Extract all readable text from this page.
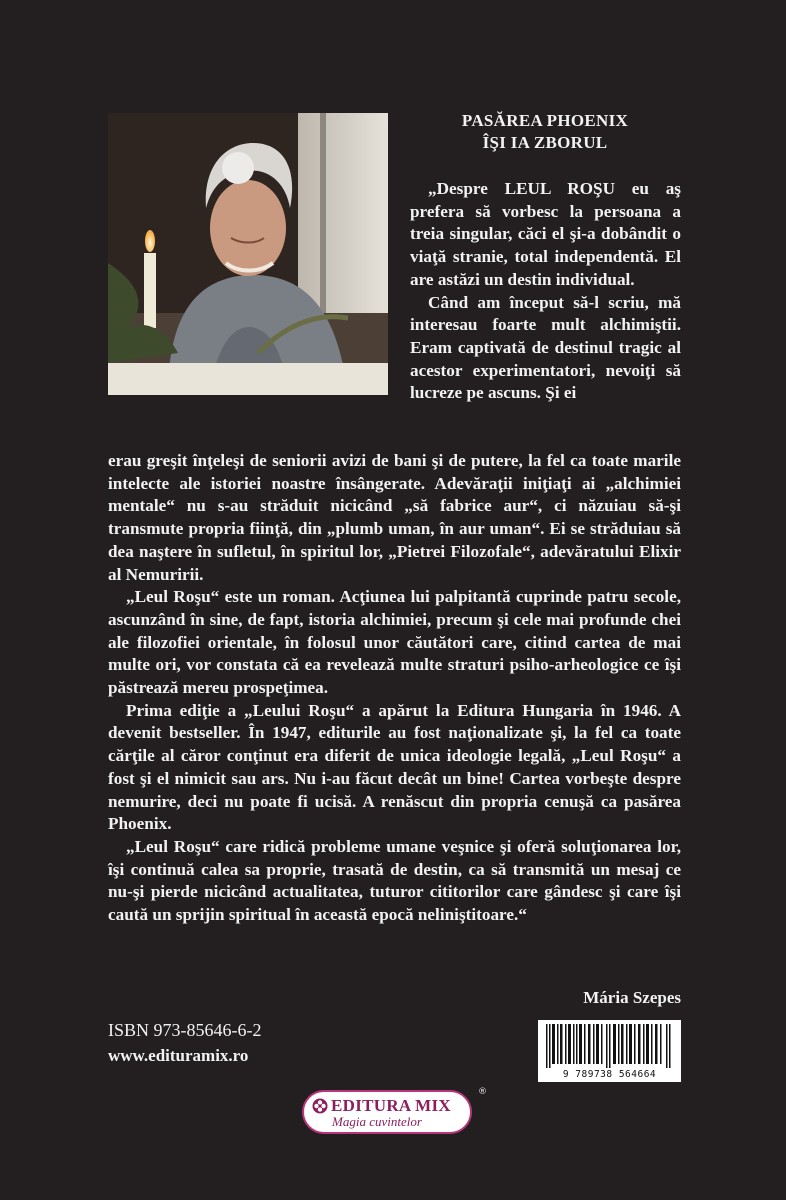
PASĂREA PHOENIX
ÎŞI IA ZBORUL

„Despre LEUL ROŞU eu aş prefera să vorbesc la persoana a treia singular, căci el şi-a dobândit o viaţă stranie, total independentă. El are astăzi un destin individual.

Când am început să-l scriu, mă interesau foarte mult alchimiştii. Eram captivată de destinul tragic al acestor experimentatori, nevoiţi să lucreze pe ascuns. Şi ei

erau greşit înţeleşi de seniorii avizi de bani şi de putere, la fel ca toate marile intelecte ale istoriei noastre însângerate. Adevăraţii iniţiaţi ai „alchimiei mentale“ nu s-au străduit nicicând „să fabrice aur“, ci năzuiau să-şi transmute propria fiinţă, din „plumb uman, în aur uman“. Ei se străduiau să dea naştere în sufletul, în spiritul lor, „Pietrei Filozofale“, adevăratului Elixir al Nemuririi.

„Leul Roşu“ este un roman. Acţiunea lui palpitantă cuprinde patru secole, ascunzând în sine, de fapt, istoria alchimiei, precum şi cele mai profunde chei ale filozofiei orientale, în folosul unor căutători care, citind cartea de mai multe ori, vor constata că ea revelează multe straturi psiho-arheologice ce îşi păstrează mereu prospeţimea.

Prima ediţie a „Leului Roşu“ a apărut la Editura Hungaria în 1946. A devenit bestseller. În 1947, editurile au fost naţionalizate şi, la fel ca toate cărţile al căror conţinut era diferit de unica ideologie legală, „Leul Roşu“ a fost şi el nimicit sau ars. Nu i-au făcut decât un bine! Cartea vorbeşte despre nemurire, deci nu poate fi ucisă. A renăscut din propria cenuşă ca pasărea Phoenix.

„Leul Roşu“ care ridică probleme umane veşnice şi oferă soluţionarea lor, îşi continuă calea sa proprie, trasată de destin, ca să transmită un mesaj ce nu-şi pierde nicicând actualitatea, tuturor cititorilor care gândesc şi care îşi caută un sprijin spiritual în această epocă neliniştitoare.“

Mária Szepes
ISBN 973-85646-6-2
www.edituramix.ro
9 789738 564664
EDITURA MIX
Magia cuvintelor
®
